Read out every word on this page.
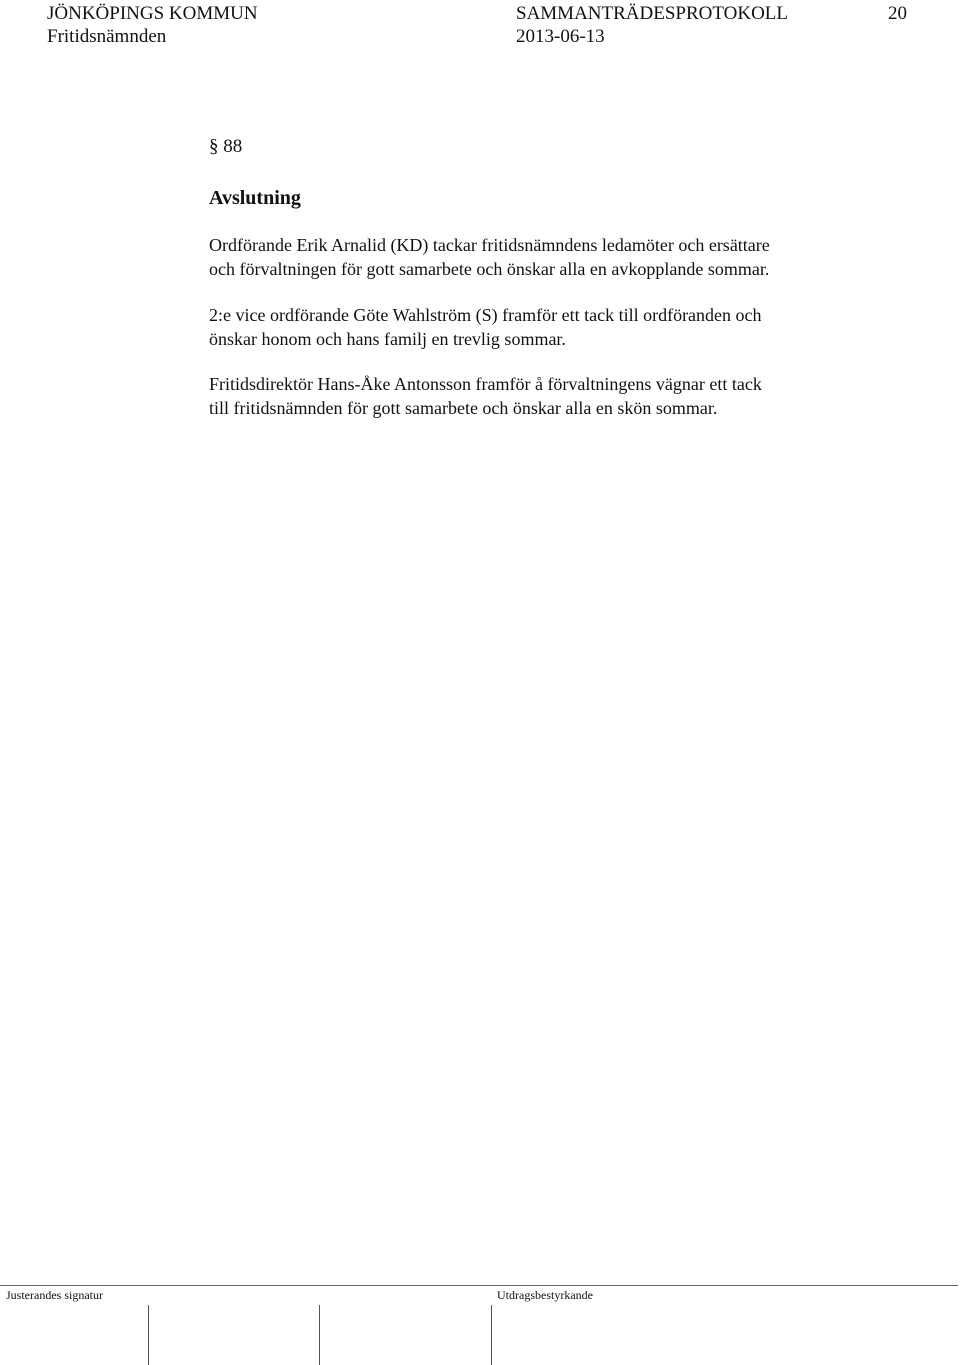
JÖNKÖPINGS KOMMUN	SAMMANTRÄDESPROTOKOLL	20
Fritidsnämnden	2013-06-13
§ 88
Avslutning
Ordförande Erik Arnalid (KD) tackar fritidsnämndens ledamöter och ersättare
och förvaltningen för gott samarbete och önskar alla en avkopplande sommar.
2:e vice ordförande Göte Wahlström (S) framför ett tack till ordföranden och
önskar honom och hans familj en trevlig sommar.
Fritidsdirektör Hans-Åke Antonsson framför å förvaltningens vägnar ett tack
till fritidsnämnden för gott samarbete och önskar alla en skön sommar.
Justerandes signatur	Utdragsbestyrkande
